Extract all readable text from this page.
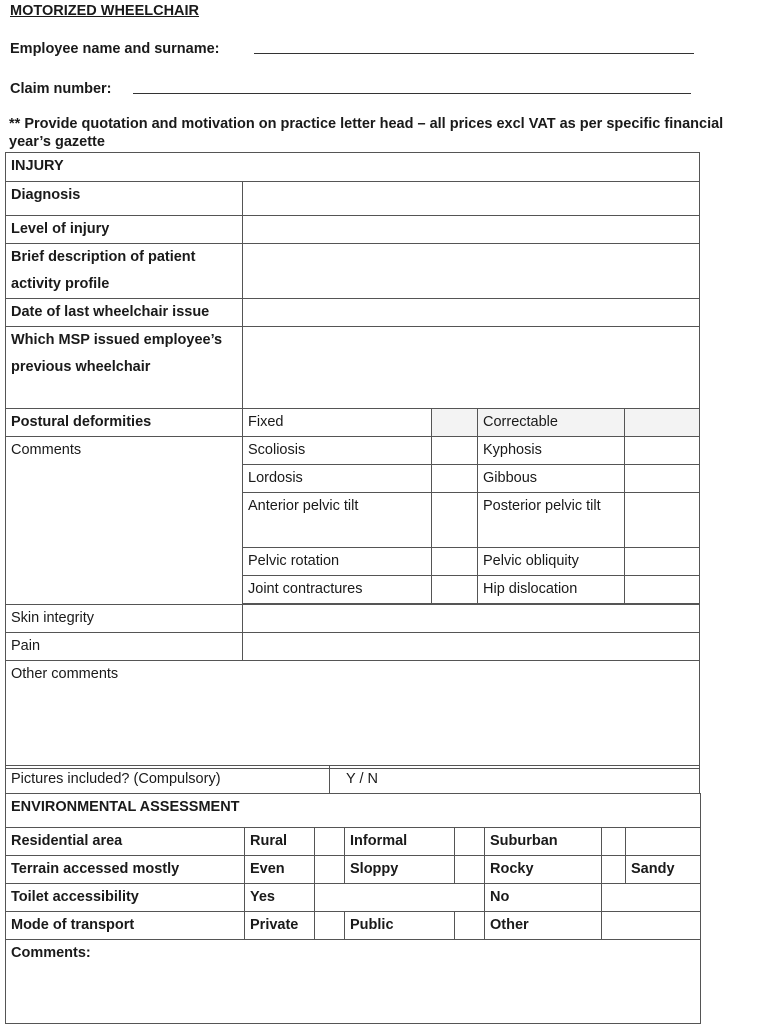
MOTORIZED WHEELCHAIR
Employee name and surname:
Claim number:
** Provide quotation and motivation on practice letter head – all prices excl VAT as per specific financial year’s gazette
INJURY				
Diagnosis				
Level of injury				
Brief description of patient activity profile				
Date of last wheelchair issue				
Which MSP issued employee’s previous wheelchair				
Postural deformities	Fixed		Correctable	
Comments	Scoliosis		Kyphosis	
	Lordosis		Gibbous	
	Anterior pelvic tilt		Posterior pelvic tilt	
	Pelvic rotation		Pelvic obliquity	
	Joint contractures		Hip dislocation	

Skin integrity				
Pain				
Other comments				
Pictures included? (Compulsory)	Y / N
ENVIRONMENTAL ASSESSMENT							
Residential area	Rural		Informal		Suburban		
Terrain accessed mostly	Even		Sloppy		Rocky		Sandy
Toilet accessibility	Yes				No		
Mode of transport	Private		Public		Other		
Comments:							
